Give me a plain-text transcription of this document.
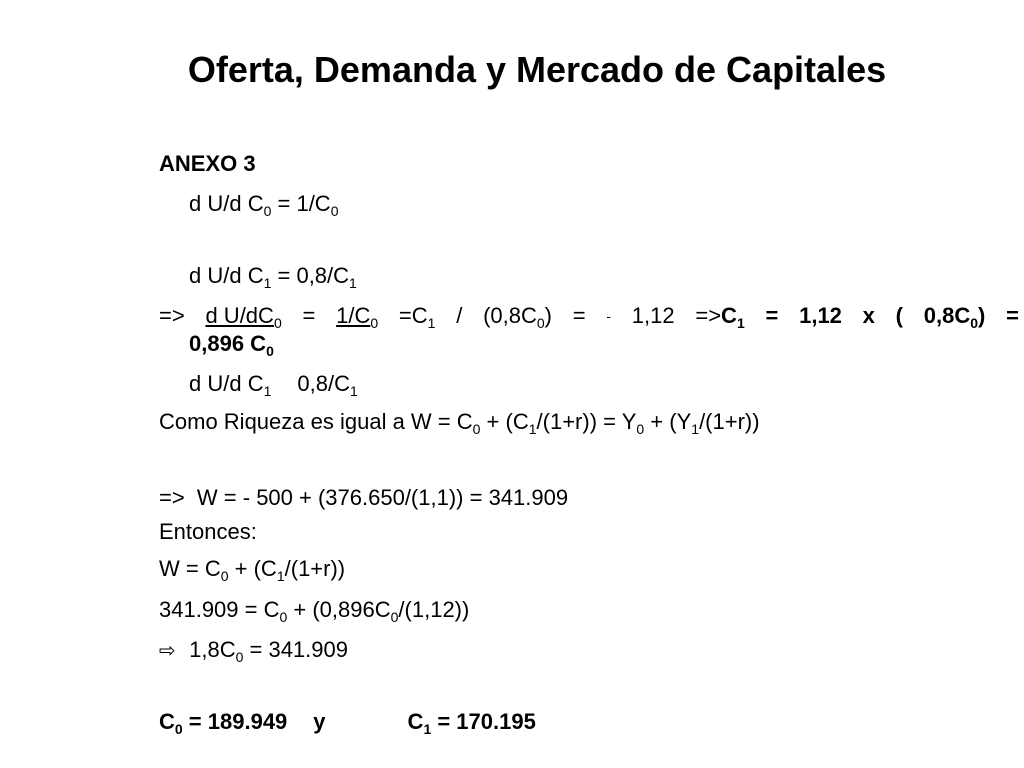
Oferta, Demanda y Mercado de Capitales
ANEXO 3
d U/d $C_0 = 1/C_0$
d U/d $C_1 = 0,8/C_1$
=> d $U/dC_0 = 1/C_0 =C_1 / (0,8C_0)$ = - $1,12 =>C_1 = 1,12$ x ( $0,8C_0$) =
0,896 $C_0$
d U/d $C_1$ $0,8/C_1$
Como Riqueza es igual a $W = C_0 + (C_1/(1+r)) = Y_0 + (Y_1/(1+r))$
=>  W = - 500 + (376.650/(1,1)) = 341.909
Entonces:
$W = C_0 + (C_1/(1+r))$
$341.909 = C_0 + (0,896C_0/(1,12))$
⇨ $1,8C_0 = 341.909$
$C_0 = 189.949$ y	$C_1 = 170.195$
